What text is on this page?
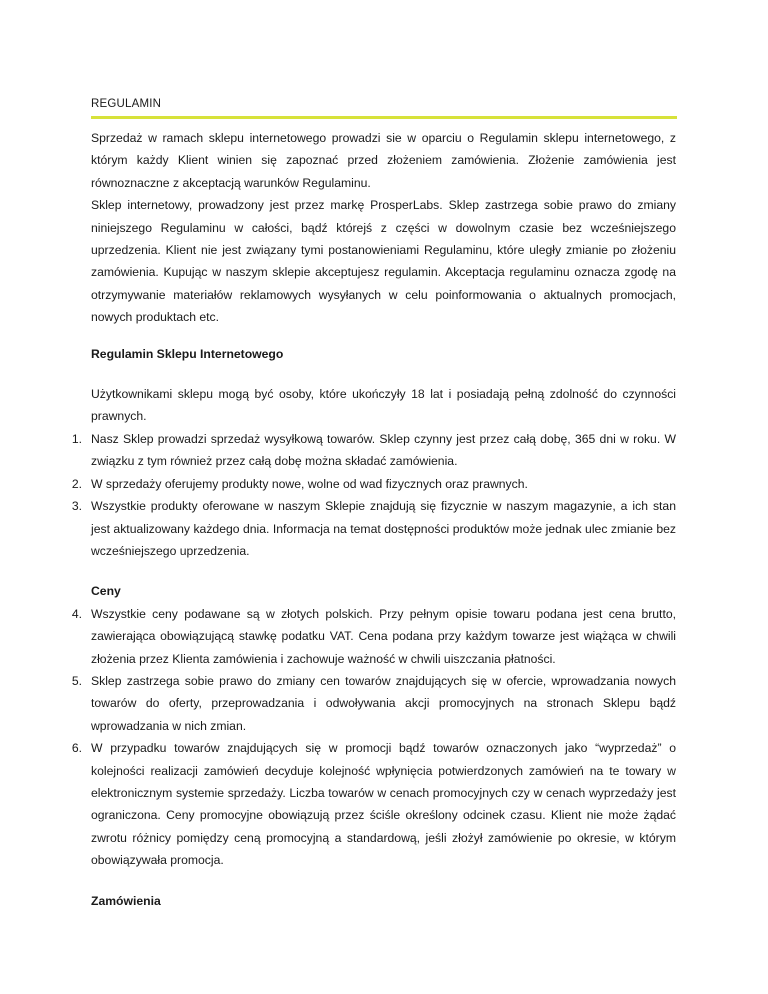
REGULAMIN

Sprzedaż w ramach sklepu internetowego prowadzi sie w oparciu o Regulamin sklepu internetowego, z którym każdy Klient winien się zapoznać przed złożeniem zamówienia. Złożenie zamówienia jest równoznaczne z akceptacją warunków Regulaminu.

Sklep internetowy, prowadzony jest przez markę ProsperLabs. Sklep zastrzega sobie prawo do zmiany niniejszego Regulaminu w całości, bądź którejś z części w dowolnym czasie bez wcześniejszego uprzedzenia. Klient nie jest związany tymi postanowieniami Regulaminu, które uległy zmianie po złożeniu zamówienia. Kupując w naszym sklepie akceptujesz regulamin. Akceptacja regulaminu oznacza zgodę na otrzymywanie materiałów reklamowych wysyłanych w celu poinformowania o aktualnych promocjach, nowych produktach etc.

Regulamin Sklepu Internetowego

Użytkownikami sklepu mogą być osoby, które ukończyły 18 lat i posiadają pełną zdolność do czynności prawnych.

1. Nasz Sklep prowadzi sprzedaż wysyłkową towarów. Sklep czynny jest przez całą dobę, 365 dni w roku. W związku z tym również przez całą dobę można składać zamówienia.
2. W sprzedaży oferujemy produkty nowe, wolne od wad fizycznych oraz prawnych.
3. Wszystkie produkty oferowane w naszym Sklepie znajdują się fizycznie w naszym magazynie, a ich stan jest aktualizowany każdego dnia. Informacja na temat dostępności produktów może jednak ulec zmianie bez wcześniejszego uprzedzenia.

Ceny

4. Wszystkie ceny podawane są w złotych polskich. Przy pełnym opisie towaru podana jest cena brutto, zawierająca obowiązującą stawkę podatku VAT. Cena podana przy każdym towarze jest wiążąca w chwili złożenia przez Klienta zamówienia i zachowuje ważność w chwili uiszczania płatności.
5. Sklep zastrzega sobie prawo do zmiany cen towarów znajdujących się w ofercie, wprowadzania nowych towarów do oferty, przeprowadzania i odwoływania akcji promocyjnych na stronach Sklepu bądź wprowadzania w nich zmian.
6. W przypadku towarów znajdujących się w promocji bądź towarów oznaczonych jako “wyprzedaż” o kolejności realizacji zamówień decyduje kolejność wpłynięcia potwierdzonych zamówień na te towary w elektronicznym systemie sprzedaży. Liczba towarów w cenach promocyjnych czy w cenach wyprzedaży jest ograniczona. Ceny promocyjne obowiązują przez ściśle określony odcinek czasu. Klient nie może żądać zwrotu różnicy pomiędzy ceną promocyjną a standardową, jeśli złożył zamówienie po okresie, w którym obowiązywała promocja.

Zamówienia
